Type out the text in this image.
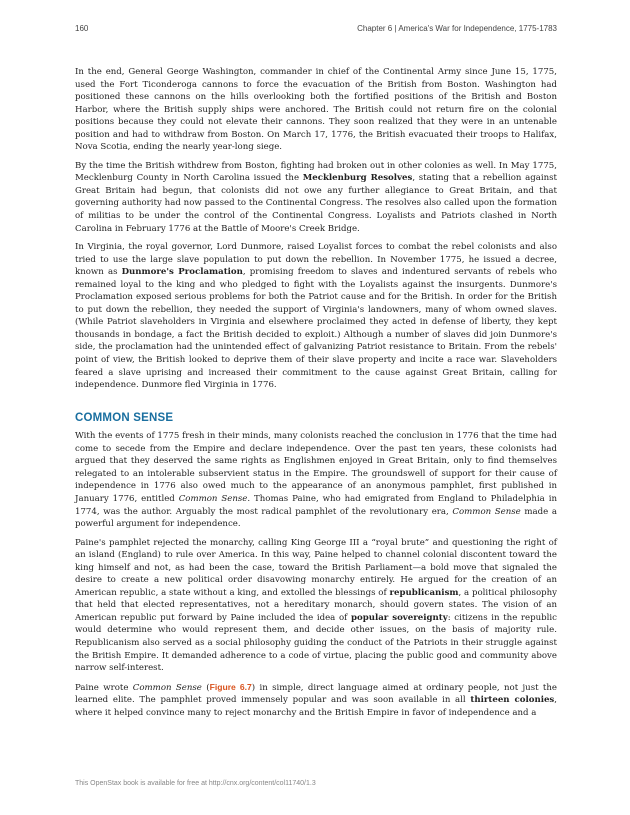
160	Chapter 6 | America's War for Independence, 1775-1783

In the end, General George Washington, commander in chief of the Continental Army since June 15, 1775, used the Fort Ticonderoga cannons to force the evacuation of the British from Boston. Washington had positioned these cannons on the hills overlooking both the fortified positions of the British and Boston Harbor, where the British supply ships were anchored. The British could not return fire on the colonial positions because they could not elevate their cannons. They soon realized that they were in an untenable position and had to withdraw from Boston. On March 17, 1776, the British evacuated their troops to Halifax, Nova Scotia, ending the nearly year-long siege.

By the time the British withdrew from Boston, fighting had broken out in other colonies as well. In May 1775, Mecklenburg County in North Carolina issued the Mecklenburg Resolves, stating that a rebellion against Great Britain had begun, that colonists did not owe any further allegiance to Great Britain, and that governing authority had now passed to the Continental Congress. The resolves also called upon the formation of militias to be under the control of the Continental Congress. Loyalists and Patriots clashed in North Carolina in February 1776 at the Battle of Moore's Creek Bridge.

In Virginia, the royal governor, Lord Dunmore, raised Loyalist forces to combat the rebel colonists and also tried to use the large slave population to put down the rebellion. In November 1775, he issued a decree, known as Dunmore's Proclamation, promising freedom to slaves and indentured servants of rebels who remained loyal to the king and who pledged to fight with the Loyalists against the insurgents. Dunmore's Proclamation exposed serious problems for both the Patriot cause and for the British. In order for the British to put down the rebellion, they needed the support of Virginia's landowners, many of whom owned slaves. (While Patriot slaveholders in Virginia and elsewhere proclaimed they acted in defense of liberty, they kept thousands in bondage, a fact the British decided to exploit.) Although a number of slaves did join Dunmore's side, the proclamation had the unintended effect of galvanizing Patriot resistance to Britain. From the rebels' point of view, the British looked to deprive them of their slave property and incite a race war. Slaveholders feared a slave uprising and increased their commitment to the cause against Great Britain, calling for independence. Dunmore fled Virginia in 1776.

COMMON SENSE

With the events of 1775 fresh in their minds, many colonists reached the conclusion in 1776 that the time had come to secede from the Empire and declare independence. Over the past ten years, these colonists had argued that they deserved the same rights as Englishmen enjoyed in Great Britain, only to find themselves relegated to an intolerable subservient status in the Empire. The groundswell of support for their cause of independence in 1776 also owed much to the appearance of an anonymous pamphlet, first published in January 1776, entitled Common Sense. Thomas Paine, who had emigrated from England to Philadelphia in 1774, was the author. Arguably the most radical pamphlet of the revolutionary era, Common Sense made a powerful argument for independence.

Paine's pamphlet rejected the monarchy, calling King George III a “royal brute” and questioning the right of an island (England) to rule over America. In this way, Paine helped to channel colonial discontent toward the king himself and not, as had been the case, toward the British Parliament—a bold move that signaled the desire to create a new political order disavowing monarchy entirely. He argued for the creation of an American republic, a state without a king, and extolled the blessings of republicanism, a political philosophy that held that elected representatives, not a hereditary monarch, should govern states. The vision of an American republic put forward by Paine included the idea of popular sovereignty: citizens in the republic would determine who would represent them, and decide other issues, on the basis of majority rule. Republicanism also served as a social philosophy guiding the conduct of the Patriots in their struggle against the British Empire. It demanded adherence to a code of virtue, placing the public good and community above narrow self-interest.

Paine wrote Common Sense (Figure 6.7) in simple, direct language aimed at ordinary people, not just the learned elite. The pamphlet proved immensely popular and was soon available in all thirteen colonies, where it helped convince many to reject monarchy and the British Empire in favor of independence and a

This OpenStax book is available for free at http://cnx.org/content/col11740/1.3
